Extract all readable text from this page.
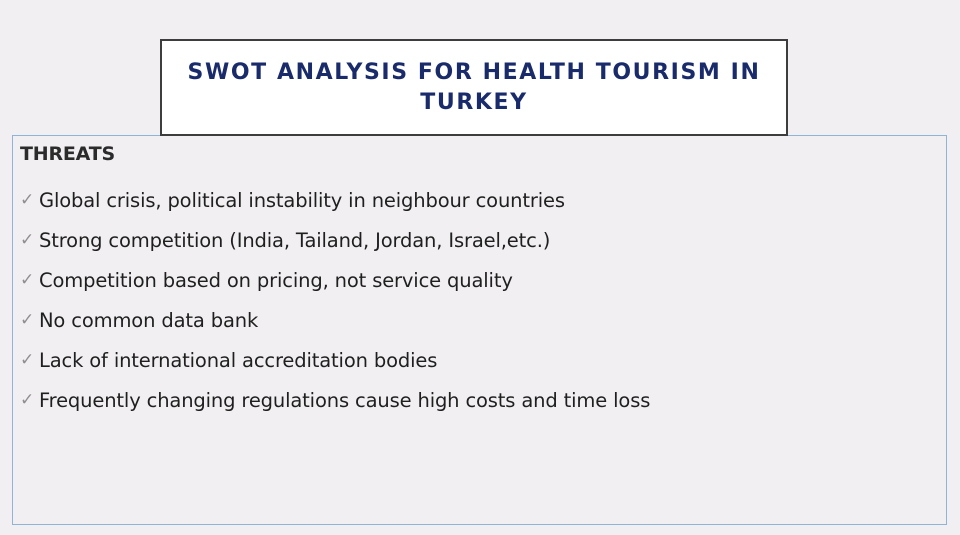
SWOT ANALYSIS FOR HEALTH TOURISM IN TURKEY
THREATS
✓ Global crisis, political instability in neighbour countries
✓ Strong competition (India, Tailand, Jordan, Israel,etc.)
✓ Competition based on pricing, not service quality
✓ No common data bank
✓ Lack of international accreditation bodies
✓ Frequently changing regulations cause high costs and time loss
